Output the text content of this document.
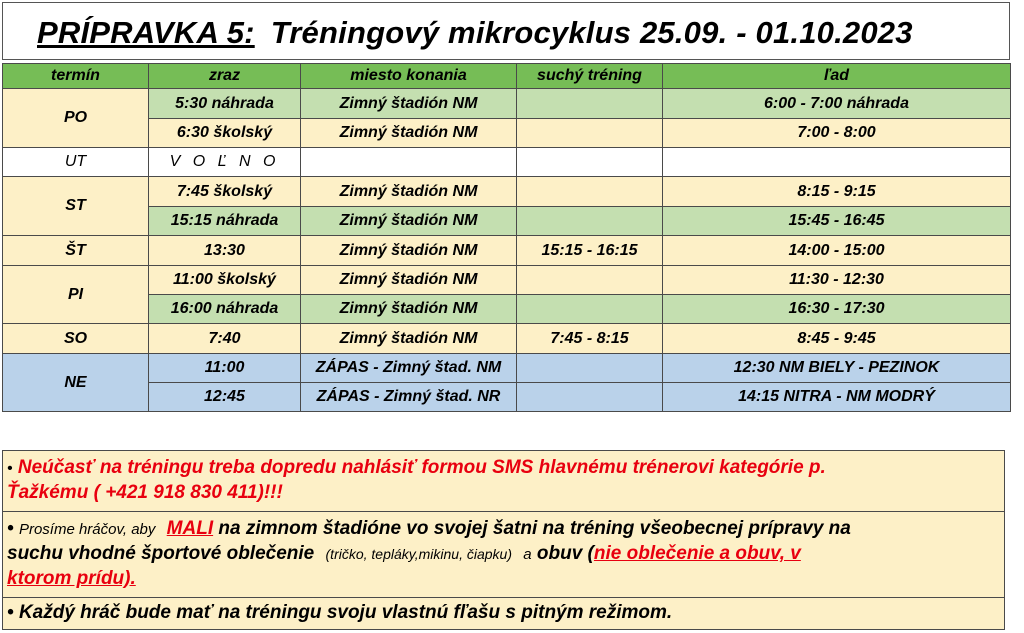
PRÍPRAVKA 5: Tréningový mikrocyklus 25.09. - 01.10.2023
termín	zraz	miesto konania	suchý tréning	ľad
PO	5:30 náhrada	Zimný štadión NM		6:00 - 7:00 náhrada
	6:30 školský	Zimný štadión NM		7:00 - 8:00
UT	V O Ľ N O			
ST	7:45 školský	Zimný štadión NM		8:15 - 9:15
	15:15 náhrada	Zimný štadión NM		15:45 - 16:45
ŠT	13:30	Zimný štadión NM	15:15 - 16:15	14:00 - 15:00
PI	11:00 školský	Zimný štadión NM		11:30 - 12:30
	16:00 náhrada	Zimný štadión NM		16:30 - 17:30
SO	7:40	Zimný štadión NM	7:45 - 8:15	8:45 - 9:45
NE	11:00	ZÁPAS - Zimný štad. NM		12:30 NM BIELY - PEZINOK
	12:45	ZÁPAS - Zimný štad. NR		14:15 NITRA - NM MODRÝ
• Neúčasť na tréningu treba dopredu nahlásiť formou SMS hlavnému trénerovi kategórie p.
Ťažkému ( +421 918 830 411)!!!
• Prosíme hráčov, aby MALI na zimnom štadióne vo svojej šatni na tréning všeobecnej prípravy na
suchu vhodné športové oblečenie (tričko, tepláky,mikinu, čiapku) a obuv (nie oblečenie a obuv, v
ktorom prídu).
• Každý hráč bude mať na tréningu svoju vlastnú fľašu s pitným režimom.
